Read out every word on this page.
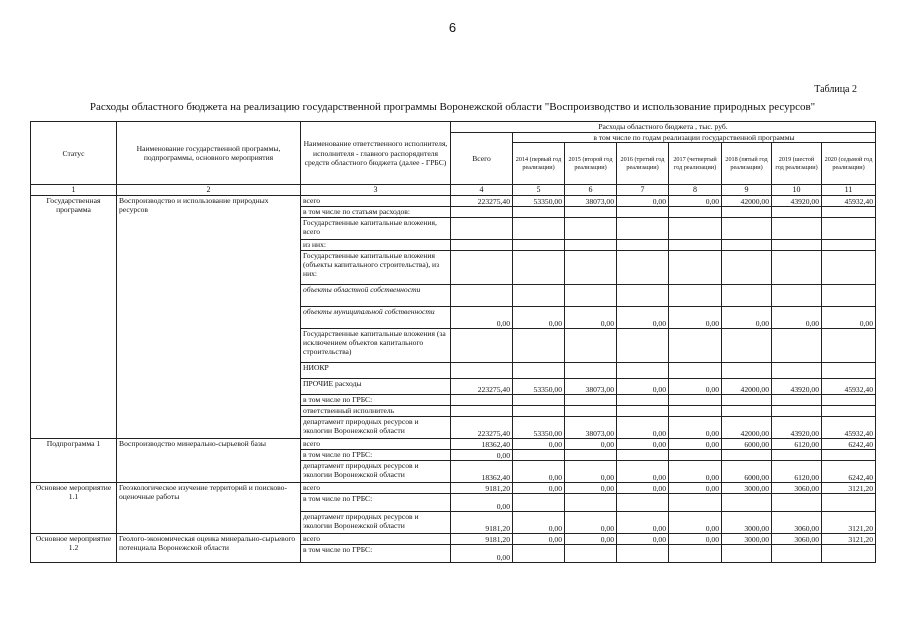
6
Таблица 2
Расходы областного бюджета на реализацию государственной программы Воронежской области "Воспроизводство и использование природных ресурсов"
Статус	Наименование государственной программы, подпрограммы, основного мероприятия	Наименование ответственного исполнителя, исполнителя - главного распорядителя средств областного бюджета (далее - ГРБС)	Расходы областного бюджета , тыс. руб.							
			Всего	в том числе по годам реализации государственной программы						
				2014 (первый год реализации)	2015 (второй год реализации)	2016 (третий год реализации)	2017 (четвертый год реализации)	2018 (пятый год реализации)	2019 (шестой год реализации)	2020 (седьмой год реализации)
1	2	3	4	5	6	7	8	9	10	11
Государственная программа	Воспроизводство и использование природных ресурсов	всего	223275,40	53350,00	38073,00	0,00	0,00	42000,00	43920,00	45932,40
		в том числе по статьям расходов:								
		Государственные капитальные вложения, всего								
		из них:								
		Государственные капитальные вложения (объекты капитального строительства), из них:								
		объекты областной собственности								
		объекты муниципальной собственности	0,00	0,00	0,00	0,00	0,00	0,00	0,00	0,00
		Государственные капитальные вложения (за исключением объектов капитального строительства)								
		НИОКР								
		ПРОЧИЕ расходы	223275,40	53350,00	38073,00	0,00	0,00	42000,00	43920,00	45932,40
		в том числе по ГРБС:								
		ответственный исполнитель								
		департамент природных ресурсов и экологии Воронежской области	223275,40	53350,00	38073,00	0,00	0,00	42000,00	43920,00	45932,40
Подпрограмма 1	Воспроизводство минерально-сырьевой базы	всего	18362,40	0,00	0,00	0,00	0,00	6000,00	6120,00	6242,40
		в том числе по ГРБС:	0,00							
		департамент природных ресурсов и экологии Воронежской области	18362,40	0,00	0,00	0,00	0,00	6000,00	6120,00	6242,40
Основное мероприятие 1.1	Геоэкологическое изучение территорий и поисково-оценочные работы	всего	9181,20	0,00	0,00	0,00	0,00	3000,00	3060,00	3121,20
		в том числе по ГРБС:	0,00							
		департамент природных ресурсов и экологии Воронежской области	9181,20	0,00	0,00	0,00	0,00	3000,00	3060,00	3121,20
Основное мероприятие 1.2	Геолого-экономическая оценка минерально-сырьевого потенциала Воронежской области	всего	9181,20	0,00	0,00	0,00	0,00	3000,00	3060,00	3121,20
		в том числе по ГРБС:	0,00							
